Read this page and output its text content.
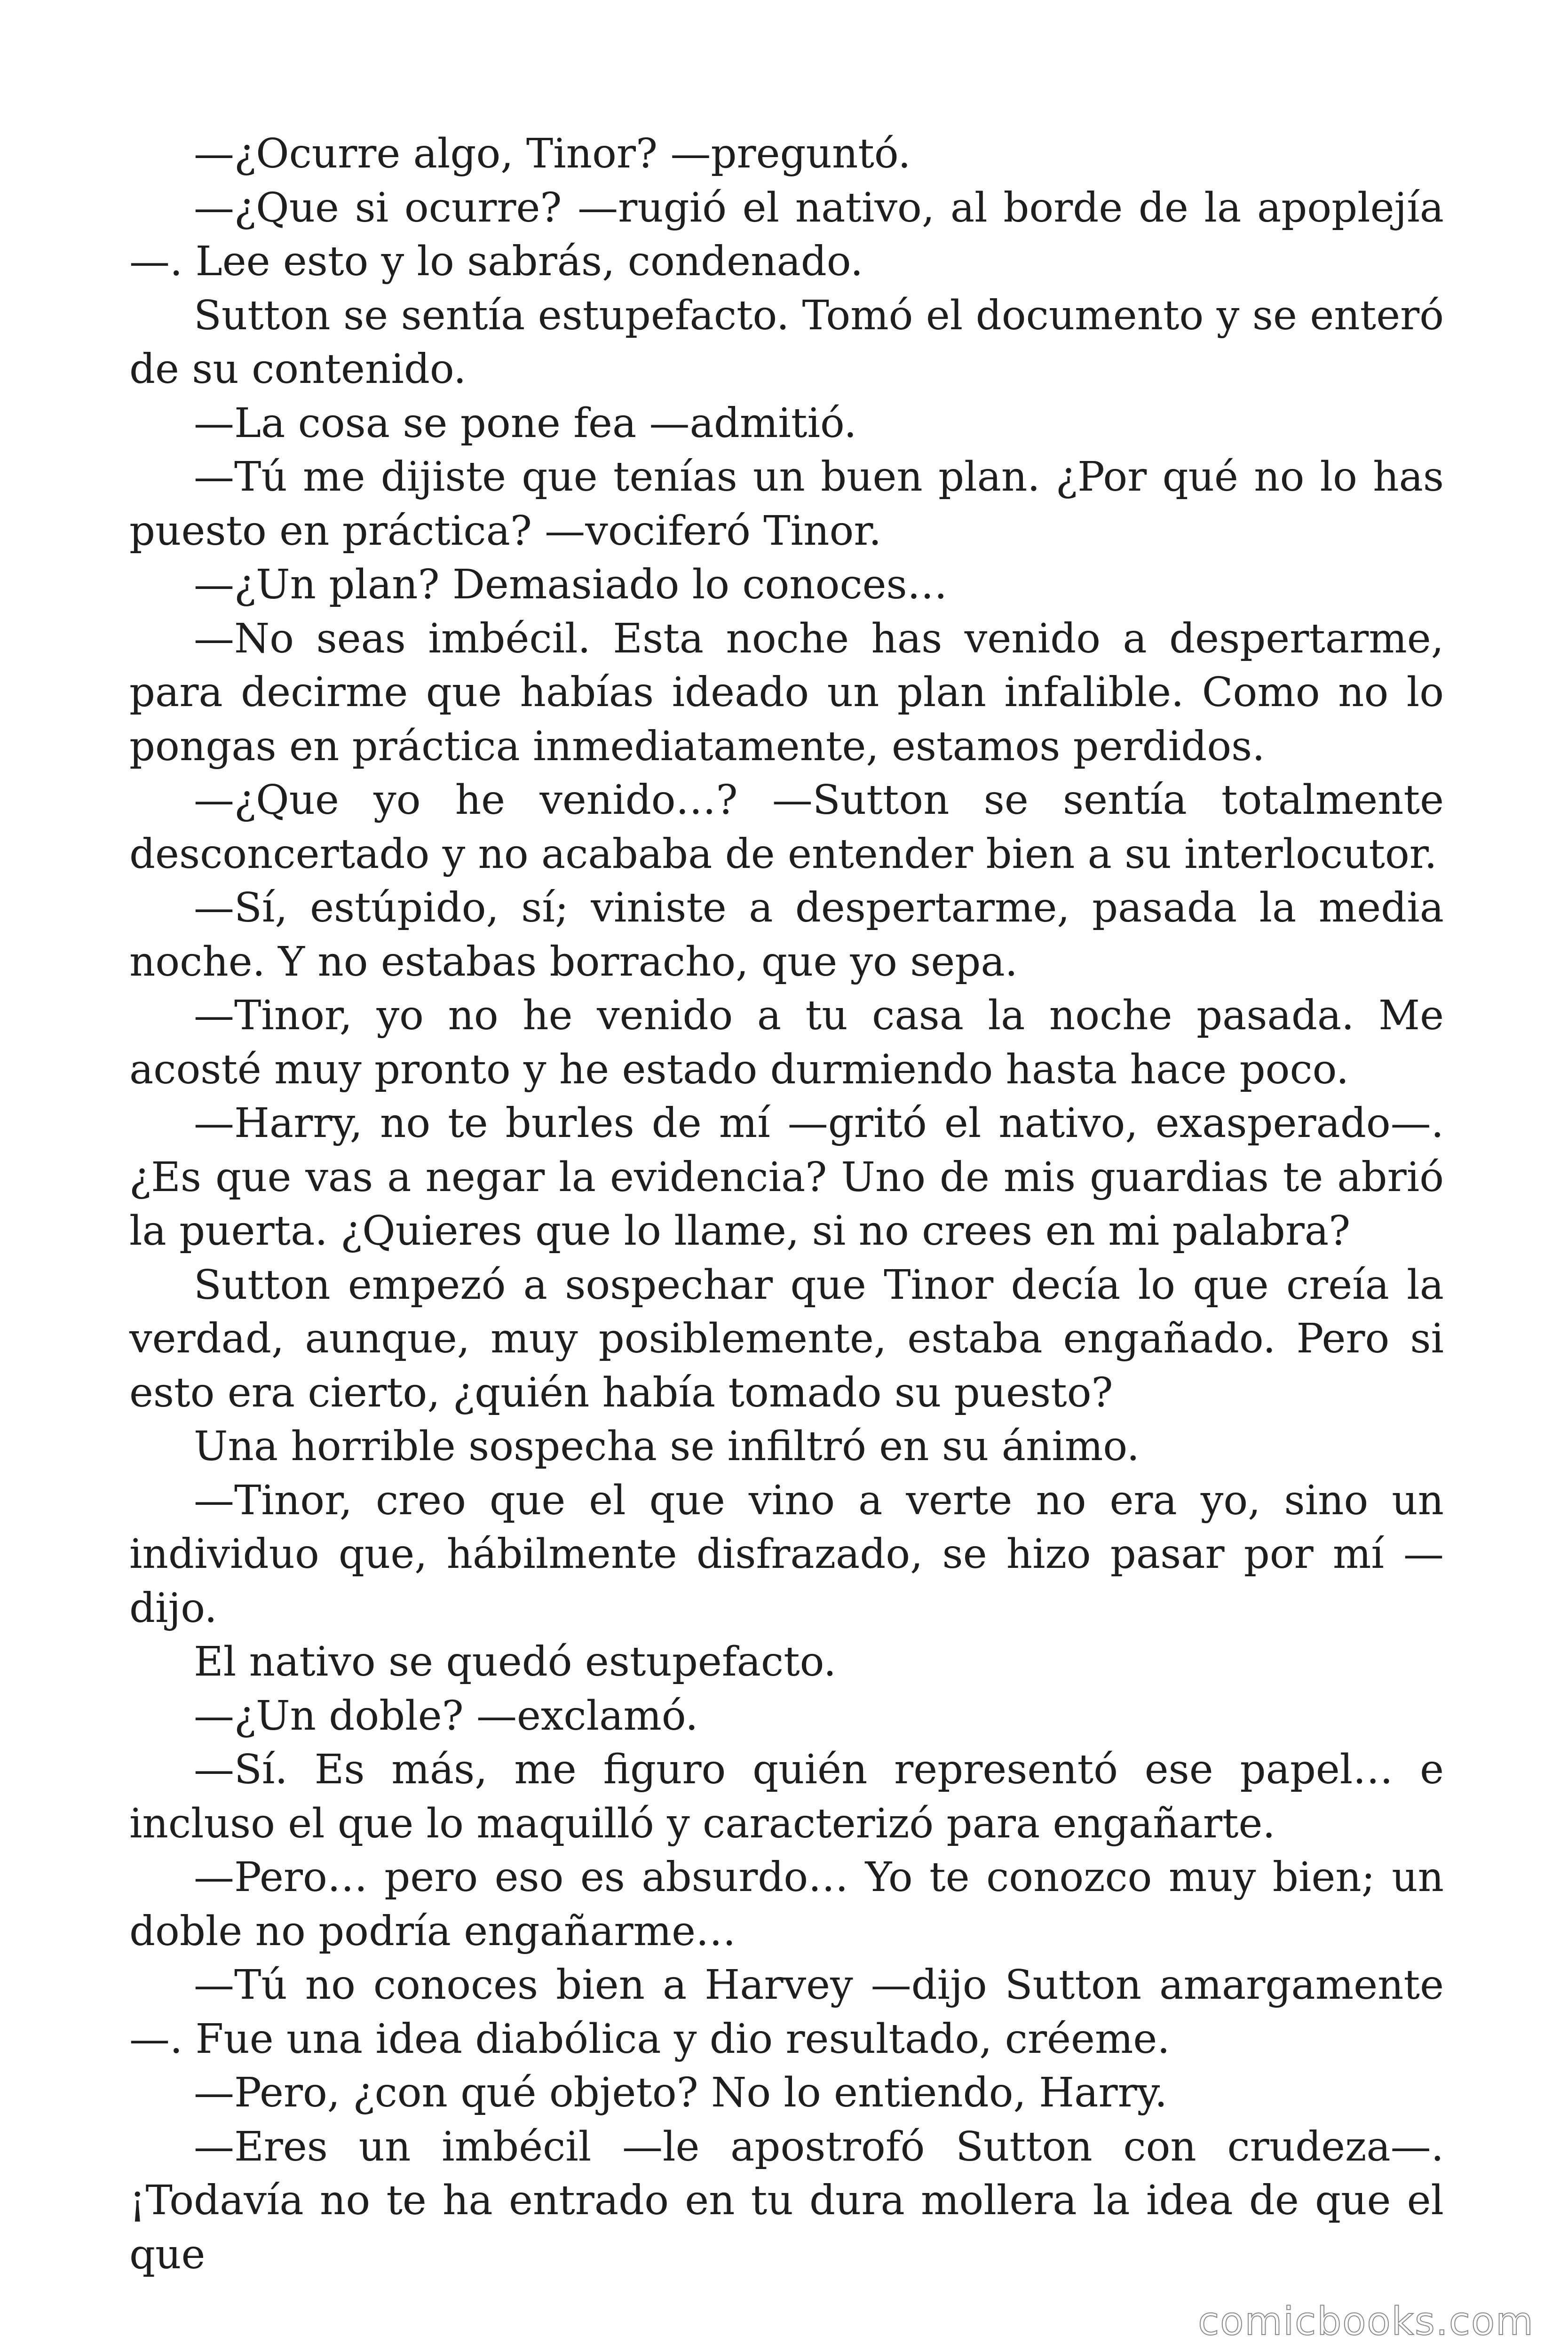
—¿Ocurre algo, Tinor? —preguntó.

—¿Que si ocurre? —rugió el nativo, al borde de la apoplejía—. Lee esto y lo sabrás, condenado.

Sutton se sentía estupefacto. Tomó el documento y se enteró de su contenido.

—La cosa se pone fea —admitió.

—Tú me dijiste que tenías un buen plan. ¿Por qué no lo has puesto en práctica? —vociferó Tinor.

—¿Un plan? Demasiado lo conoces…

—No seas imbécil. Esta noche has venido a despertarme, para decirme que habías ideado un plan infalible. Como no lo pongas en práctica inmediatamente, estamos perdidos.

—¿Que yo he venido…? —Sutton se sentía totalmente desconcertado y no acababa de entender bien a su interlocutor.

—Sí, estúpido, sí; viniste a despertarme, pasada la media noche. Y no estabas borracho, que yo sepa.

—Tinor, yo no he venido a tu casa la noche pasada. Me acosté muy pronto y he estado durmiendo hasta hace poco.

—Harry, no te burles de mí —gritó el nativo, exasperado—. ¿Es que vas a negar la evidencia? Uno de mis guardias te abrió la puerta. ¿Quieres que lo llame, si no crees en mi palabra?

Sutton empezó a sospechar que Tinor decía lo que creía la verdad, aunque, muy posiblemente, estaba engañado. Pero si esto era cierto, ¿quién había tomado su puesto?

Una horrible sospecha se infiltró en su ánimo.

—Tinor, creo que el que vino a verte no era yo, sino un individuo que, hábilmente disfrazado, se hizo pasar por mí —dijo.

El nativo se quedó estupefacto.

—¿Un doble? —exclamó.

—Sí. Es más, me figuro quién representó ese papel… e incluso el que lo maquilló y caracterizó para engañarte.

—Pero… pero eso es absurdo… Yo te conozco muy bien; un doble no podría engañarme…

—Tú no conoces bien a Harvey —dijo Sutton amargamente—. Fue una idea diabólica y dio resultado, créeme.

—Pero, ¿con qué objeto? No lo entiendo, Harry.

—Eres un imbécil —le apostrofó Sutton con crudeza—. ¡Todavía no te ha entrado en tu dura mollera la idea de que el que

comicbooks.com
